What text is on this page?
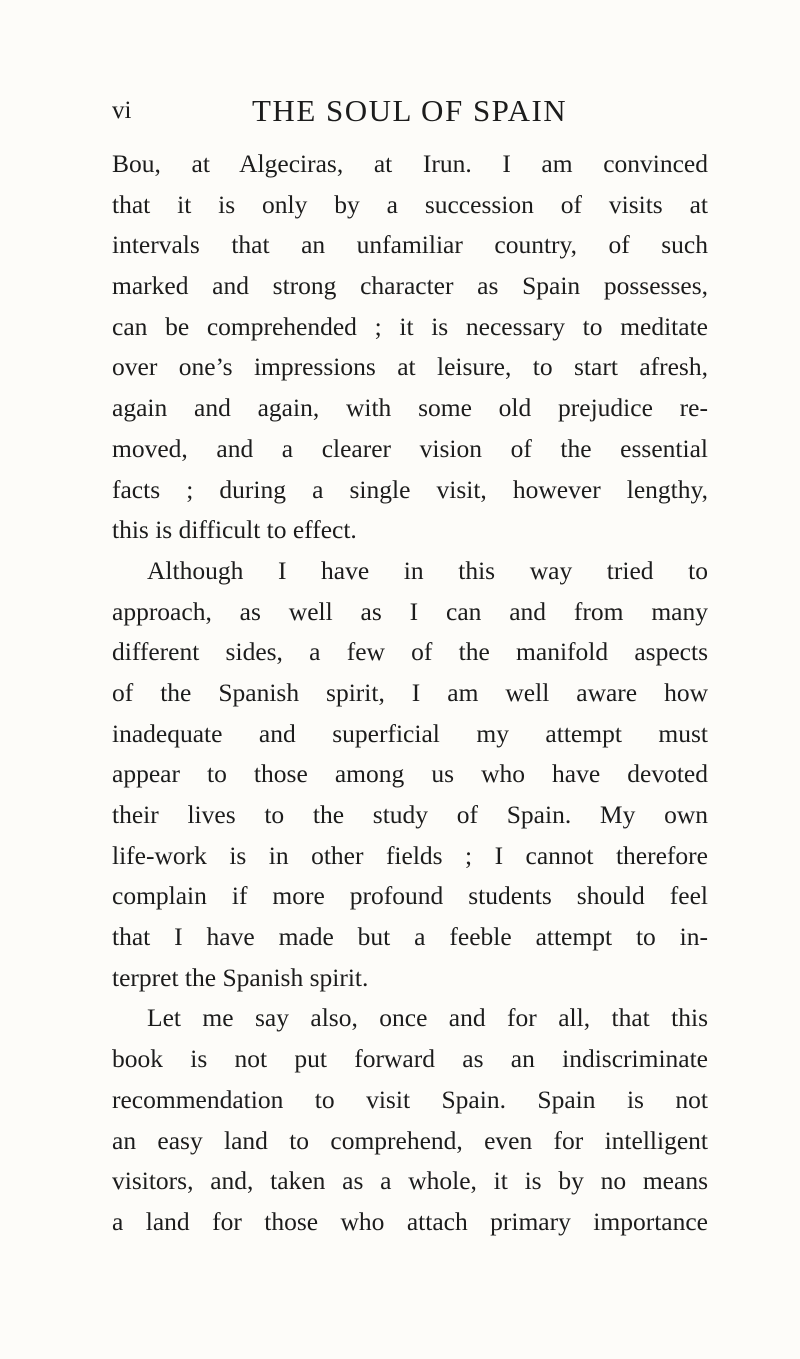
vi	THE SOUL OF SPAIN
Bou, at Algeciras, at Irun. I am convinced
that it is only by a succession of visits at
intervals that an unfamiliar country, of such
marked and strong character as Spain possesses,
can be comprehended ; it is necessary to meditate
over one’s impressions at leisure, to start afresh,
again and again, with some old prejudice re-
moved, and a clearer vision of the essential
facts ; during a single visit, however lengthy,
this is difficult to effect.
Although I have in this way tried to
approach, as well as I can and from many
different sides, a few of the manifold aspects
of the Spanish spirit, I am well aware how
inadequate and superficial my attempt must
appear to those among us who have devoted
their lives to the study of Spain. My own
life-work is in other fields ; I cannot therefore
complain if more profound students should feel
that I have made but a feeble attempt to in-
terpret the Spanish spirit.
Let me say also, once and for all, that this
book is not put forward as an indiscriminate
recommendation to visit Spain. Spain is not
an easy land to comprehend, even for intelligent
visitors, and, taken as a whole, it is by no means
a land for those who attach primary importance
